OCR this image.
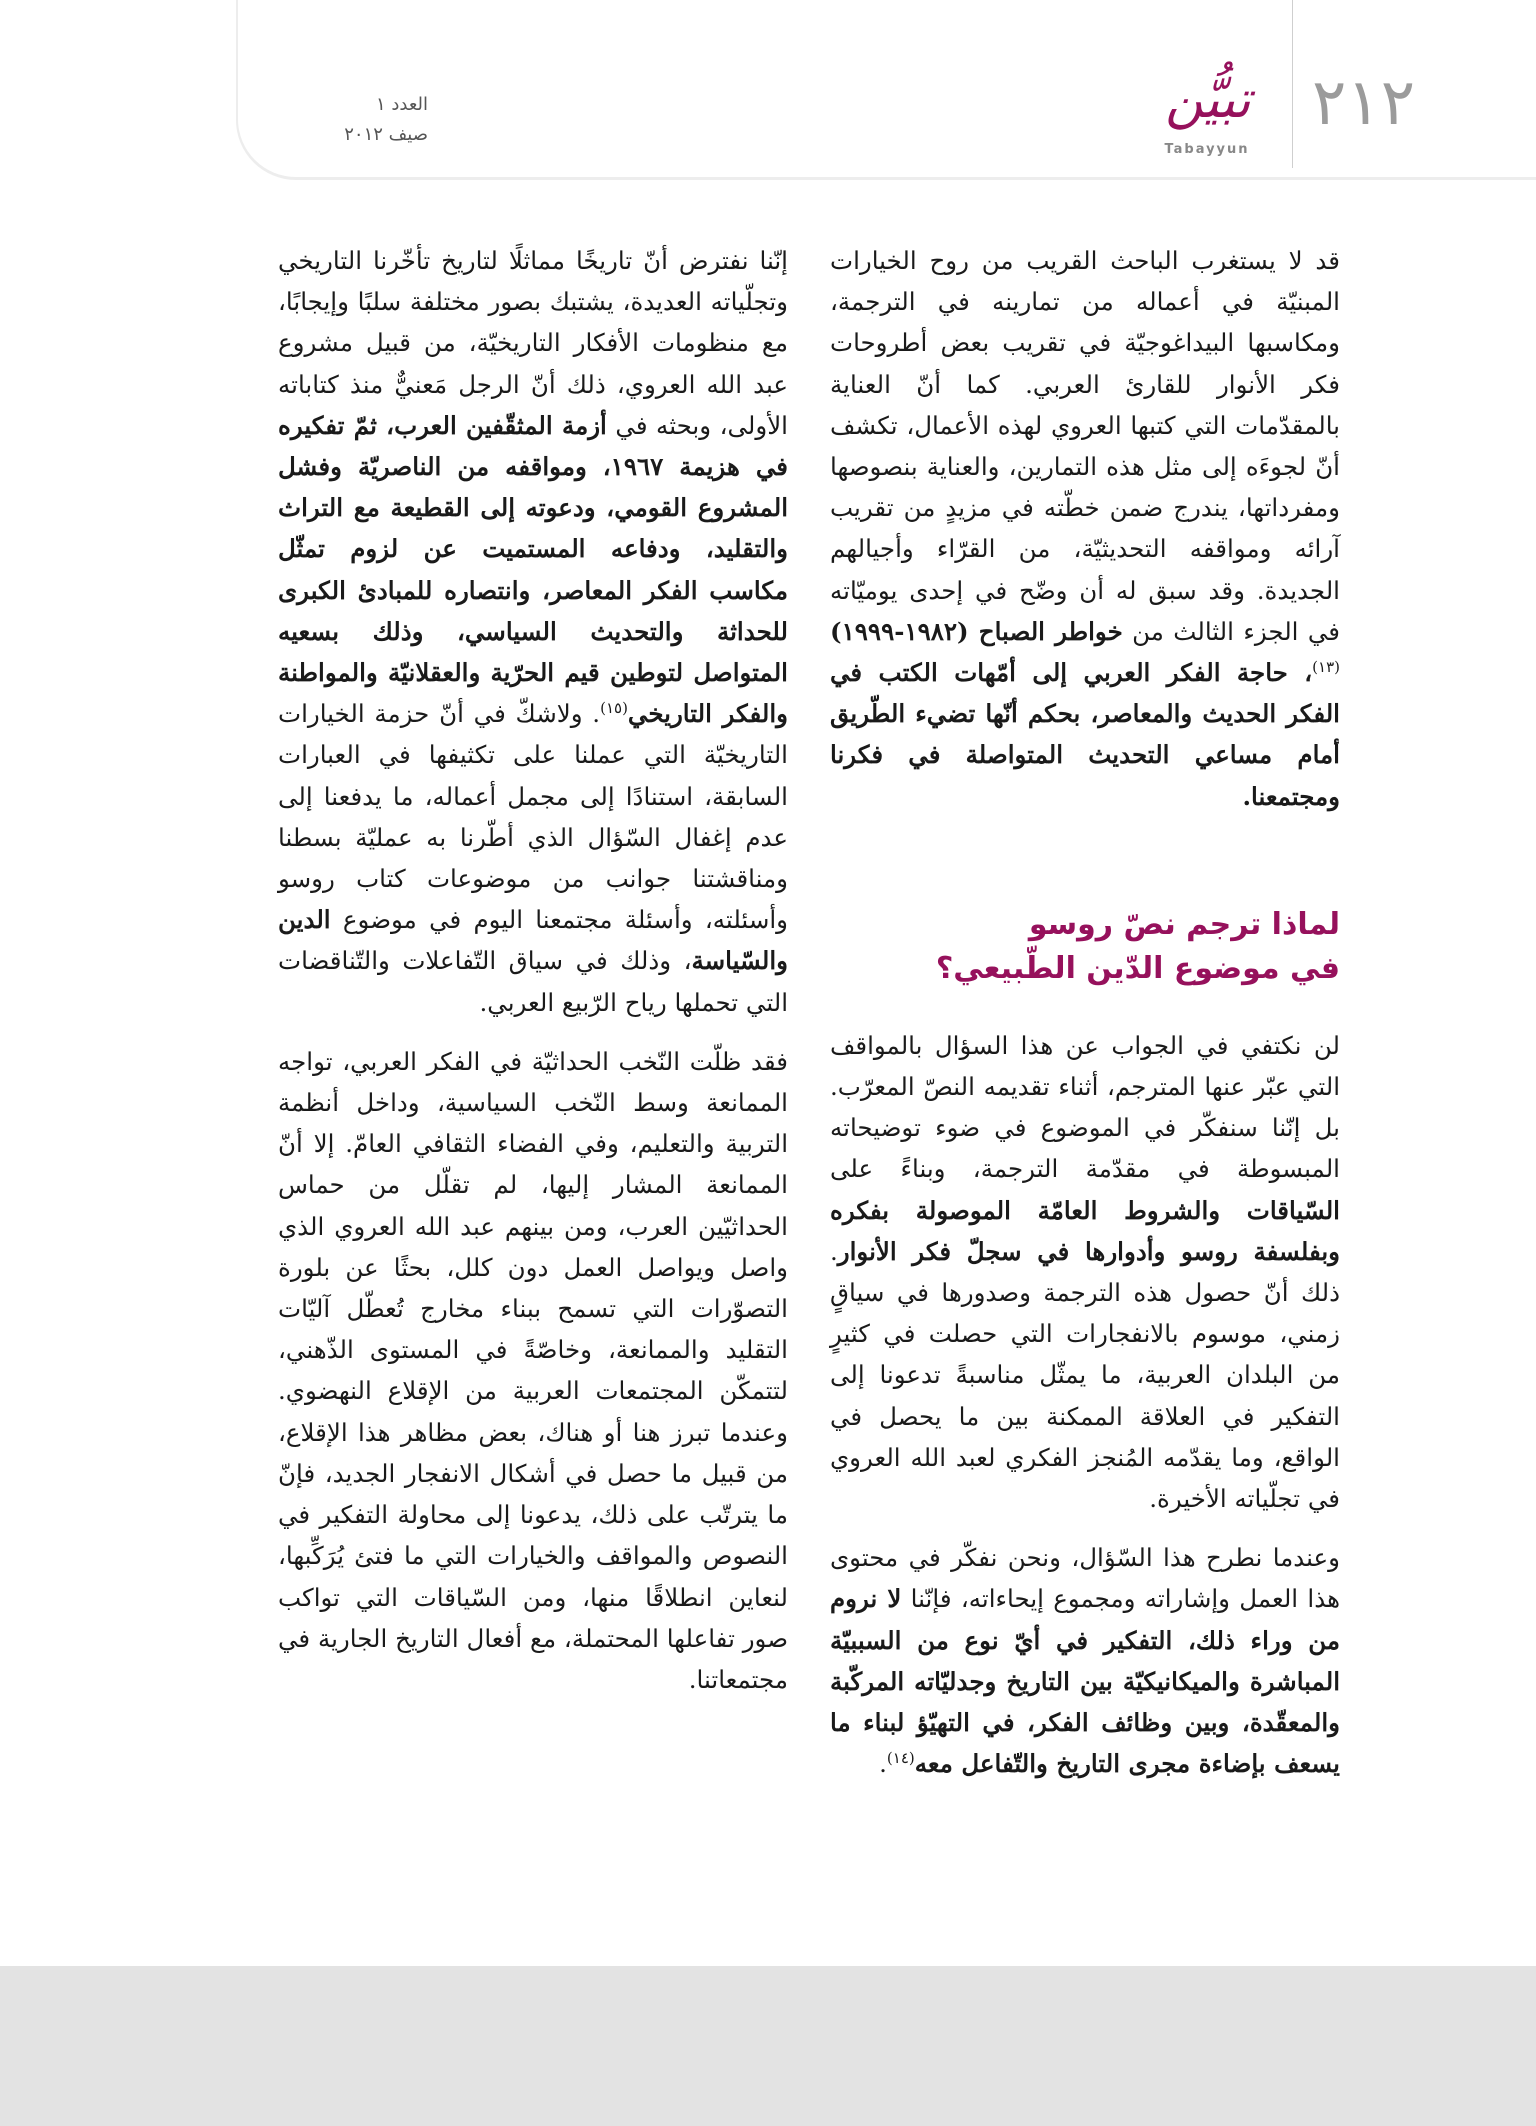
العدد ١
صيف ٢٠١٢
تبيُّن
Tabayyun
٢١٢

قد لا يستغرب الباحث القريب من روح الخيارات المبنيّة في أعماله من تمارينه في الترجمة، ومكاسبها البيداغوجيّة في تقريب بعض أطروحات فكر الأنوار للقارئ العربي. كما أنّ العناية بالمقدّمات التي كتبها العروي لهذه الأعمال، تكشف أنّ لجوءَه إلى مثل هذه التمارين، والعناية بنصوصها ومفرداتها، يندرج ضمن خطّته في مزيدٍ من تقريب آرائه ومواقفه التحديثيّة، من القرّاء وأجيالهم الجديدة. وقد سبق له أن وضّح في إحدى يوميّاته في الجزء الثالث من خواطر الصباح (١٩٨٢-١٩٩٩)$^{(١٣)}$، حاجة الفكر العربي إلى أمّهات الكتب في الفكر الحديث والمعاصر، بحكم أنّها تضيء الطّريق أمام مساعي التحديث المتواصلة في فكرنا ومجتمعنا.

لماذا ترجم نصّ روسو
في موضوع الدّين الطّبيعي؟

لن نكتفي في الجواب عن هذا السؤال بالمواقف التي عبّر عنها المترجم، أثناء تقديمه النصّ المعرّب. بل إنّنا سنفكّر في الموضوع في ضوء توضيحاته المبسوطة في مقدّمة الترجمة، وبناءً على السّياقات والشروط العامّة الموصولة بفكره وبفلسفة روسو وأدوارها في سجلّ فكر الأنوار. ذلك أنّ حصول هذه الترجمة وصدورها في سياقٍ زمني، موسوم بالانفجارات التي حصلت في كثيرٍ من البلدان العربية، ما يمثّل مناسبةً تدعونا إلى التفكير في العلاقة الممكنة بين ما يحصل في الواقع، وما يقدّمه المُنجز الفكري لعبد الله العروي في تجلّياته الأخيرة.

وعندما نطرح هذا السّؤال، ونحن نفكّر في محتوى هذا العمل وإشاراته ومجموع إيحاءاته، فإنّنا لا نروم من وراء ذلك، التفكير في أيّ نوع من السببيّة المباشرة والميكانيكيّة بين التاريخ وجدليّاته المركّبة والمعقّدة، وبين وظائف الفكر، في التهيّؤ لبناء ما يسعف بإضاءة مجرى التاريخ والتّفاعل معه$^{(١٤)}$.

إنّنا نفترض أنّ تاريخًا مماثلًا لتاريخ تأخّرنا التاريخي وتجلّياته العديدة، يشتبك بصور مختلفة سلبًا وإيجابًا، مع منظومات الأفكار التاريخيّة، من قبيل مشروع عبد الله العروي، ذلك أنّ الرجل مَعنيٌّ منذ كتاباته الأولى، وبحثه في أزمة المثقّفين العرب، ثمّ تفكيره في هزيمة ١٩٦٧، ومواقفه من الناصريّة وفشل المشروع القومي، ودعوته إلى القطيعة مع التراث والتقليد، ودفاعه المستميت عن لزوم تمثّل مكاسب الفكر المعاصر، وانتصاره للمبادئ الكبرى للحداثة والتحديث السياسي، وذلك بسعيه المتواصل لتوطين قيم الحرّية والعقلانيّة والمواطنة والفكر التاريخي$^{(١٥)}$. ولاشكّ في أنّ حزمة الخيارات التاريخيّة التي عملنا على تكثيفها في العبارات السابقة، استنادًا إلى مجمل أعماله، ما يدفعنا إلى عدم إغفال السّؤال الذي أطّرنا به عمليّة بسطنا ومناقشتنا جوانب من موضوعات كتاب روسو وأسئلته، وأسئلة مجتمعنا اليوم في موضوع الدين والسّياسة، وذلك في سياق التّفاعلات والتّناقضات التي تحملها رياح الرّبيع العربي.

فقد ظلّت النّخب الحداثيّة في الفكر العربي، تواجه الممانعة وسط النّخب السياسية، وداخل أنظمة التربية والتعليم، وفي الفضاء الثقافي العامّ. إلا أنّ الممانعة المشار إليها، لم تقلّل من حماس الحداثيّين العرب، ومن بينهم عبد الله العروي الذي واصل ويواصل العمل دون كلل، بحثًا عن بلورة التصوّرات التي تسمح ببناء مخارج تُعطّل آليّات التقليد والممانعة، وخاصّةً في المستوى الذّهني، لتتمكّن المجتمعات العربية من الإقلاع النهضوي. وعندما تبرز هنا أو هناك، بعض مظاهر هذا الإقلاع، من قبيل ما حصل في أشكال الانفجار الجديد، فإنّ ما يترتّب على ذلك، يدعونا إلى محاولة التفكير في النصوص والمواقف والخيارات التي ما فتئ يُرَكِّبها، لنعاين انطلاقًا منها، ومن السّياقات التي تواكب صور تفاعلها المحتملة، مع أفعال التاريخ الجارية في مجتمعاتنا.
